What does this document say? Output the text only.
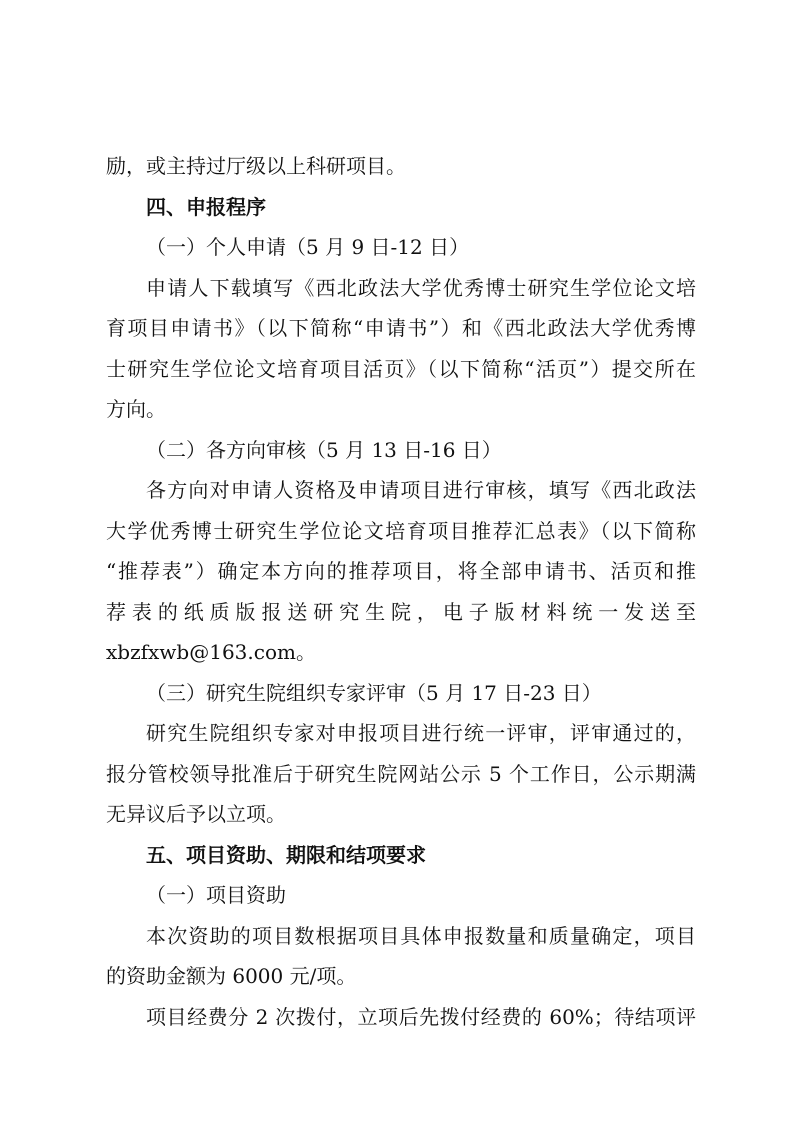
励，或主持过厅级以上科研项目。
四、申报程序
（一）个人申请（5 月 9 日-12 日）
申请人下载填写《西北政法大学优秀博士研究生学位论文培
育项目申请书》（以下简称“申请书”）和《西北政法大学优秀博
士研究生学位论文培育项目活页》（以下简称“活页”）提交所在
方向。
（二）各方向审核（5 月 13 日-16 日）
各方向对申请人资格及申请项目进行审核，填写《西北政法
大学优秀博士研究生学位论文培育项目推荐汇总表》（以下简称
“推荐表”）确定本方向的推荐项目，将全部申请书、活页和推
荐表的纸质版报送研究生院，电子版材料统一发送至
xbzfxwb@163.com。
（三）研究生院组织专家评审（5 月 17 日-23 日）
研究生院组织专家对申报项目进行统一评审，评审通过的，
报分管校领导批准后于研究生院网站公示 5 个工作日，公示期满
无异议后予以立项。
五、项目资助、期限和结项要求
（一）项目资助
本次资助的项目数根据项目具体申报数量和质量确定，项目
的资助金额为 6000 元/项。
项目经费分 2 次拨付，立项后先拨付经费的 60%；待结项评
